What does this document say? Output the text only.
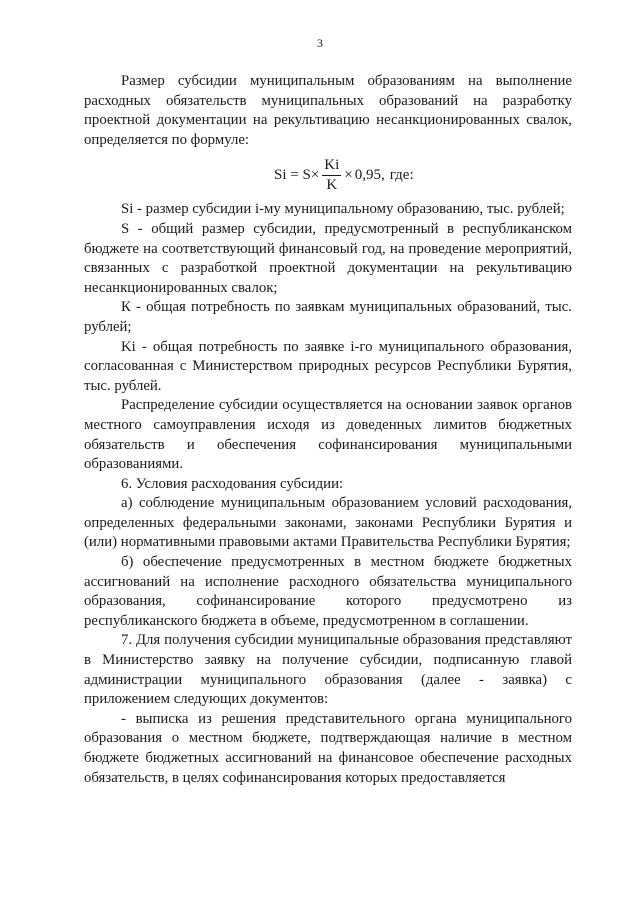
3

Размер субсидии муниципальным образованиям на выполнение расходных обязательств муниципальных образований на разработку проектной документации на рекультивацию несанкционированных свалок, определяется по формуле:

$Si = S \times \frac{Ki}{K} \times 0,95$, где:

Si - размер субсидии i-му муниципальному образованию, тыс. рублей;

S - общий размер субсидии, предусмотренный в республиканском бюджете на соответствующий финансовый год, на проведение мероприятий, связанных с разработкой проектной документации на рекультивацию несанкционированных свалок;

К - общая потребность по заявкам муниципальных образований, тыс. рублей;

Ki - общая потребность по заявке i-го муниципального образования, согласованная с Министерством природных ресурсов Республики Бурятия, тыс. рублей.

Распределение субсидии осуществляется на основании заявок органов местного самоуправления исходя из доведенных лимитов бюджетных обязательств и обеспечения софинансирования муниципальными образованиями.

6. Условия расходования субсидии:

а) соблюдение муниципальным образованием условий расходования, определенных федеральными законами, законами Республики Бурятия и (или) нормативными правовыми актами Правительства Республики Бурятия;

б) обеспечение предусмотренных в местном бюджете бюджетных ассигнований на исполнение расходного обязательства муниципального образования, софинансирование которого предусмотрено из республиканского бюджета в объеме, предусмотренном в соглашении.

7. Для получения субсидии муниципальные образования представляют в Министерство заявку на получение субсидии, подписанную главой администрации муниципального образования (далее - заявка) с приложением следующих документов:

- выписка из решения представительного органа муниципального образования о местном бюджете, подтверждающая наличие в местном бюджете бюджетных ассигнований на финансовое обеспечение расходных обязательств, в целях софинансирования которых предоставляется
